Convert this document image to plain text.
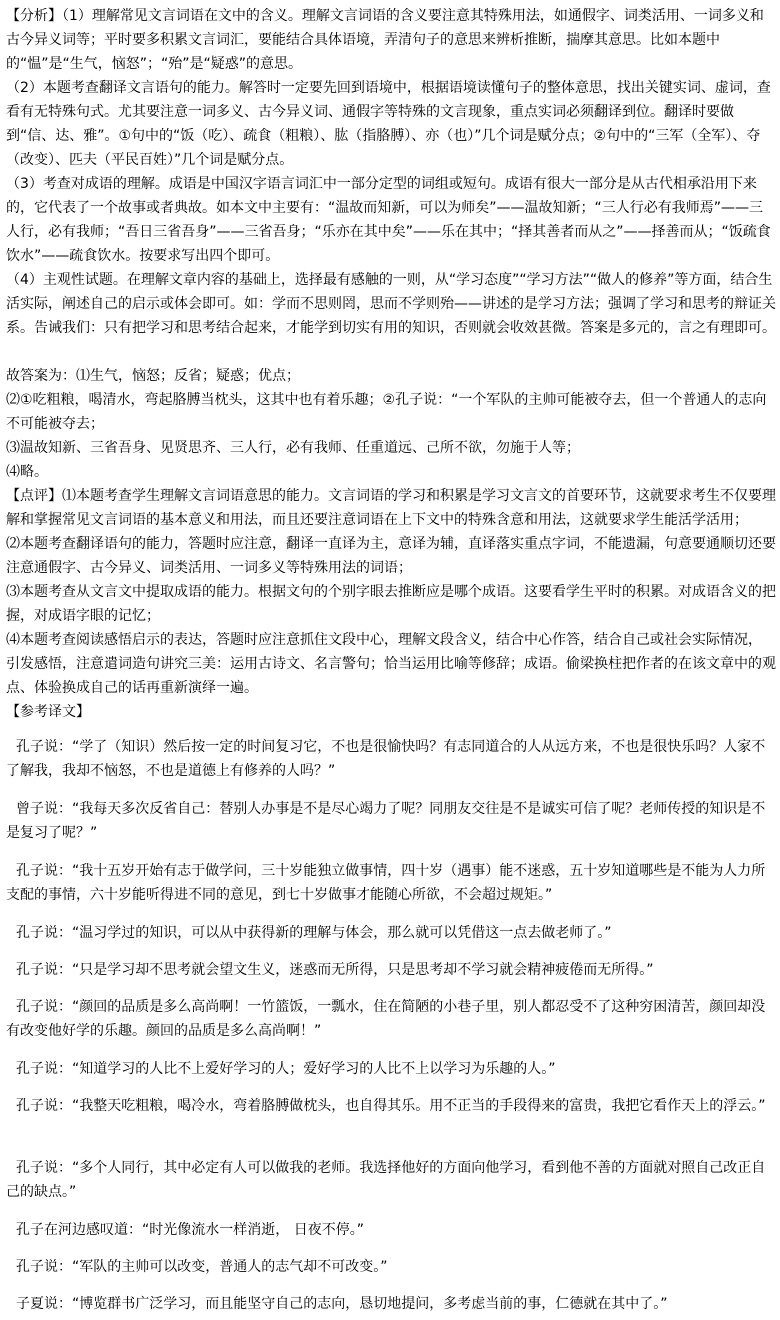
【分析】（1）理解常见文言词语在文中的含义。理解文言词语的含义要注意其特殊用法，如通假字、词类活用、一词多义和古今异义词等；平时要多积累文言词汇，要能结合具体语境，弄清句子的意思来辨析推断，揣摩其意思。比如本题中的“愠”是“生气，恼怒”；“殆”是“疑惑”的意思。

（2）本题考查翻译文言语句的能力。解答时一定要先回到语境中，根据语境读懂句子的整体意思，找出关键实词、虚词，查看有无特殊句式。尤其要注意一词多义、古今异义词、通假字等特殊的文言现象，重点实词必须翻译到位。翻译时要做到“信、达、雅”。①句中的“饭（吃）、疏食（粗粮）、肱（指胳膊）、亦（也）”几个词是赋分点；②句中的“三军（全军）、夺（改变）、匹夫（平民百姓）”几个词是赋分点。

（3）考查对成语的理解。成语是中国汉字语言词汇中一部分定型的词组或短句。成语有很大一部分是从古代相承沿用下来的，它代表了一个故事或者典故。如本文中主要有：“温故而知新，可以为师矣”——温故知新；“三人行必有我师焉”——三人行，必有我师；“吾日三省吾身”——三省吾身；“乐亦在其中矣”——乐在其中；“择其善者而从之”——择善而从；“饭疏食饮水”——疏食饮水。按要求写出四个即可。

（4）主观性试题。在理解文章内容的基础上，选择最有感触的一则，从“学习态度”“学习方法”“做人的修养”等方面，结合生活实际，阐述自己的启示或体会即可。如：学而不思则罔，思而不学则殆——讲述的是学习方法；强调了学习和思考的辩证关系。告诫我们：只有把学习和思考结合起来，才能学到切实有用的知识，否则就会收效甚微。答案是多元的，言之有理即可。

故答案为：⑴生气，恼怒；反省；疑惑；优点；

⑵①吃粗粮，喝清水，弯起胳膊当枕头，这其中也有着乐趣；②孔子说：“一个军队的主帅可能被夺去，但一个普通人的志向不可能被夺去；

⑶温故知新、三省吾身、见贤思齐、三人行，必有我师、任重道远、己所不欲，勿施于人等；

⑷略。

【点评】⑴本题考查学生理解文言词语意思的能力。文言词语的学习和积累是学习文言文的首要环节，这就要求考生不仅要理解和掌握常见文言词语的基本意义和用法，而且还要注意词语在上下文中的特殊含意和用法，这就要求学生能活学活用；

⑵本题考查翻译语句的能力，答题时应注意，翻译一直译为主，意译为辅，直译落实重点字词，不能遗漏，句意要通顺切还要注意通假字、古今异义、词类活用、一词多义等特殊用法的词语；

⑶本题考查从文言文中提取成语的能力。根据文句的个别字眼去推断应是哪个成语。这要看学生平时的积累。对成语含义的把握，对成语字眼的记忆；

⑷本题考查阅读感悟启示的表达，答题时应注意抓住文段中心，理解文段含义，结合中心作答，结合自己或社会实际情况， 引发感悟，注意遣词造句讲究三美：运用古诗文、名言警句；恰当运用比喻等修辞；成语。偷梁换柱把作者的在该文章中的观点、体验换成自己的话再重新演绎一遍。

【参考译文】

孔子说：“学了（知识）然后按一定的时间复习它，不也是很愉快吗？有志同道合的人从远方来，不也是很快乐吗？人家不了解我，我却不恼怒，不也是道德上有修养的人吗？”

曾子说：“我每天多次反省自己：替别人办事是不是尽心竭力了呢？同朋友交往是不是诚实可信了呢？老师传授的知识是不是复习了呢？”

孔子说：“我十五岁开始有志于做学问，三十岁能独立做事情，四十岁（遇事）能不迷惑，五十岁知道哪些是不能为人力所支配的事情，六十岁能听得进不同的意见，到七十岁做事才能随心所欲，不会超过规矩。”

孔子说：“温习学过的知识，可以从中获得新的理解与体会，那么就可以凭借这一点去做老师了。”

孔子说：“只是学习却不思考就会望文生义，迷惑而无所得，只是思考却不学习就会精神疲倦而无所得。”

孔子说：“颜回的品质是多么高尚啊！一竹篮饭，一瓢水，住在简陋的小巷子里，别人都忍受不了这种穷困清苦，颜回却没有改变他好学的乐趣。颜回的品质是多么高尚啊！”

孔子说：“知道学习的人比不上爱好学习的人；爱好学习的人比不上以学习为乐趣的人。”

孔子说：“我整天吃粗粮，喝冷水，弯着胳膊做枕头，也自得其乐。用不正当的手段得来的富贵，我把它看作天上的浮云。”

孔子说：“多个人同行，其中必定有人可以做我的老师。我选择他好的方面向他学习，看到他不善的方面就对照自己改正自己的缺点。”

孔子在河边感叹道：“时光像流水一样消逝， 日夜不停。”

孔子说：“军队的主帅可以改变，普通人的志气却不可改变。”

子夏说：“博览群书广泛学习，而且能坚守自己的志向，恳切地提问，多考虑当前的事，仁德就在其中了。”
